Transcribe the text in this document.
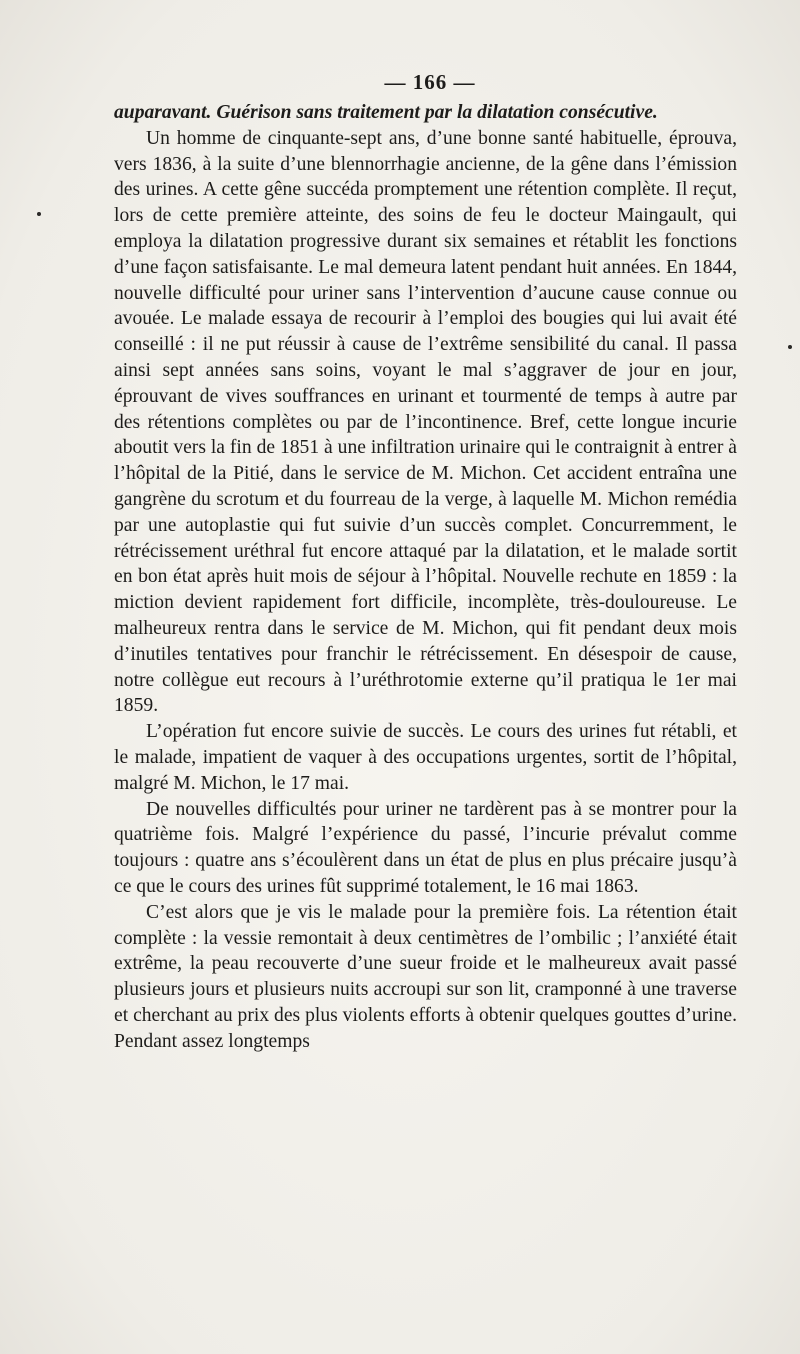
— 166 —

auparavant. Guérison sans traitement par la dilatation consécutive.

Un homme de cinquante-sept ans, d’une bonne santé habituelle, éprouva, vers 1836, à la suite d’une blennorrhagie ancienne, de la gêne dans l’émission des urines. A cette gêne succéda promptement une rétention complète. Il reçut, lors de cette première atteinte, des soins de feu le docteur Maingault, qui employa la dilatation progressive durant six semaines et rétablit les fonctions d’une façon satisfaisante. Le mal demeura latent pendant huit années. En 1844, nouvelle difficulté pour uriner sans l’intervention d’aucune cause connue ou avouée. Le malade essaya de recourir à l’emploi des bougies qui lui avait été conseillé : il ne put réussir à cause de l’extrême sensibilité du canal. Il passa ainsi sept années sans soins, voyant le mal s’aggraver de jour en jour, éprouvant de vives souffrances en urinant et tourmenté de temps à autre par des rétentions complètes ou par de l’incontinence. Bref, cette longue incurie aboutit vers la fin de 1851 à une infiltration urinaire qui le contraignit à entrer à l’hôpital de la Pitié, dans le service de M. Michon. Cet accident entraîna une gangrène du scrotum et du fourreau de la verge, à laquelle M. Michon remédia par une autoplastie qui fut suivie d’un succès complet. Concurremment, le rétrécissement uréthral fut encore attaqué par la dilatation, et le malade sortit en bon état après huit mois de séjour à l’hôpital. Nouvelle rechute en 1859 : la miction devient rapidement fort difficile, incomplète, très-douloureuse. Le malheureux rentra dans le service de M. Michon, qui fit pendant deux mois d’inutiles tentatives pour franchir le rétrécissement. En désespoir de cause, notre collègue eut recours à l’uréthrotomie externe qu’il pratiqua le 1er mai 1859.

L’opération fut encore suivie de succès. Le cours des urines fut rétabli, et le malade, impatient de vaquer à des occupations urgentes, sortit de l’hôpital, malgré M. Michon, le 17 mai.

De nouvelles difficultés pour uriner ne tardèrent pas à se montrer pour la quatrième fois. Malgré l’expérience du passé, l’incurie prévalut comme toujours : quatre ans s’écoulèrent dans un état de plus en plus précaire jusqu’à ce que le cours des urines fût supprimé totalement, le 16 mai 1863.

C’est alors que je vis le malade pour la première fois. La rétention était complète : la vessie remontait à deux centimètres de l’ombilic ; l’anxiété était extrême, la peau recouverte d’une sueur froide et le malheureux avait passé plusieurs jours et plusieurs nuits accroupi sur son lit, cramponné à une traverse et cherchant au prix des plus violents efforts à obtenir quelques gouttes d’urine. Pendant assez longtemps
